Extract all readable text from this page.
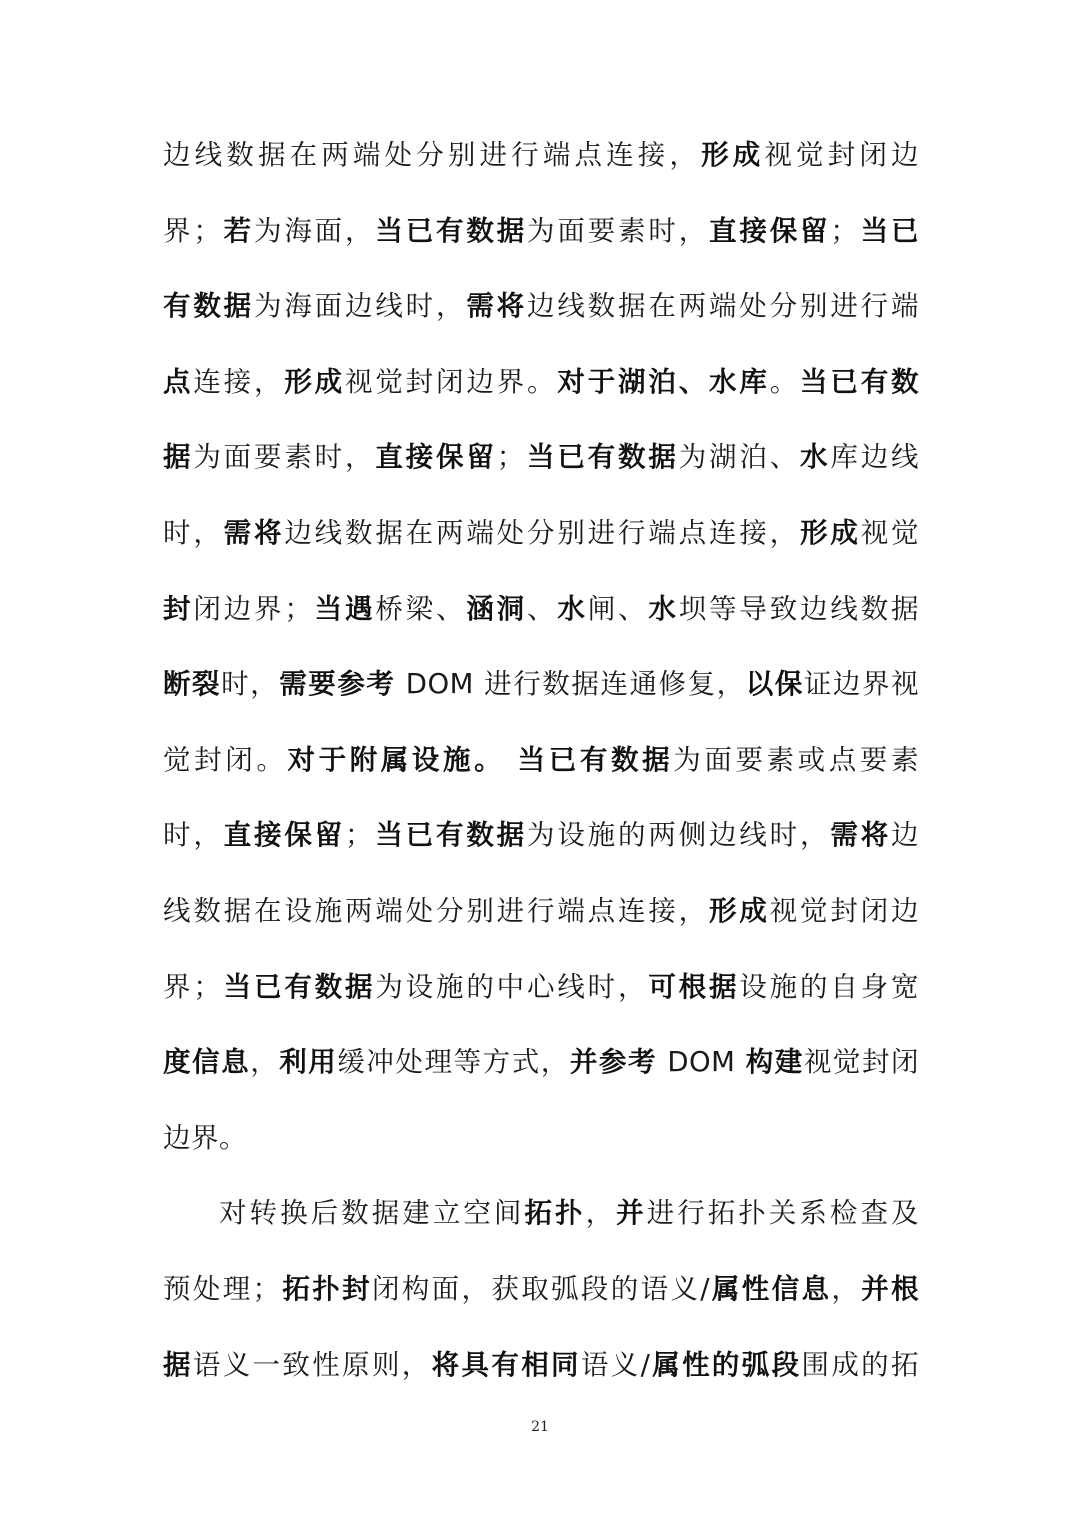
边线数据在两端处分别进行端点连接，形成视觉封闭边
界；若为海面，当已有数据为面要素时，直接保留；当已
有数据为海面边线时，需将边线数据在两端处分别进行端
点连接，形成视觉封闭边界。对于湖泊、水库。当已有数
据为面要素时，直接保留；当已有数据为湖泊、水库边线
时，需将边线数据在两端处分别进行端点连接，形成视觉
封闭边界；当遇桥梁、涵洞、水闸、水坝等导致边线数据
断裂时，需要参考 DOM 进行数据连通修复，以保证边界视
觉封闭。对于附属设施。 当已有数据为面要素或点要素
时，直接保留；当已有数据为设施的两侧边线时，需将边
线数据在设施两端处分别进行端点连接，形成视觉封闭边
界；当已有数据为设施的中心线时，可根据设施的自身宽
度信息，利用缓冲处理等方式，并参考 DOM 构建视觉封闭
边界。
对转换后数据建立空间拓扑，并进行拓扑关系检查及
预处理；拓扑封闭构面，获取弧段的语义/属性信息，并根
据语义一致性原则，将具有相同语义/属性的弧段围成的拓
21
